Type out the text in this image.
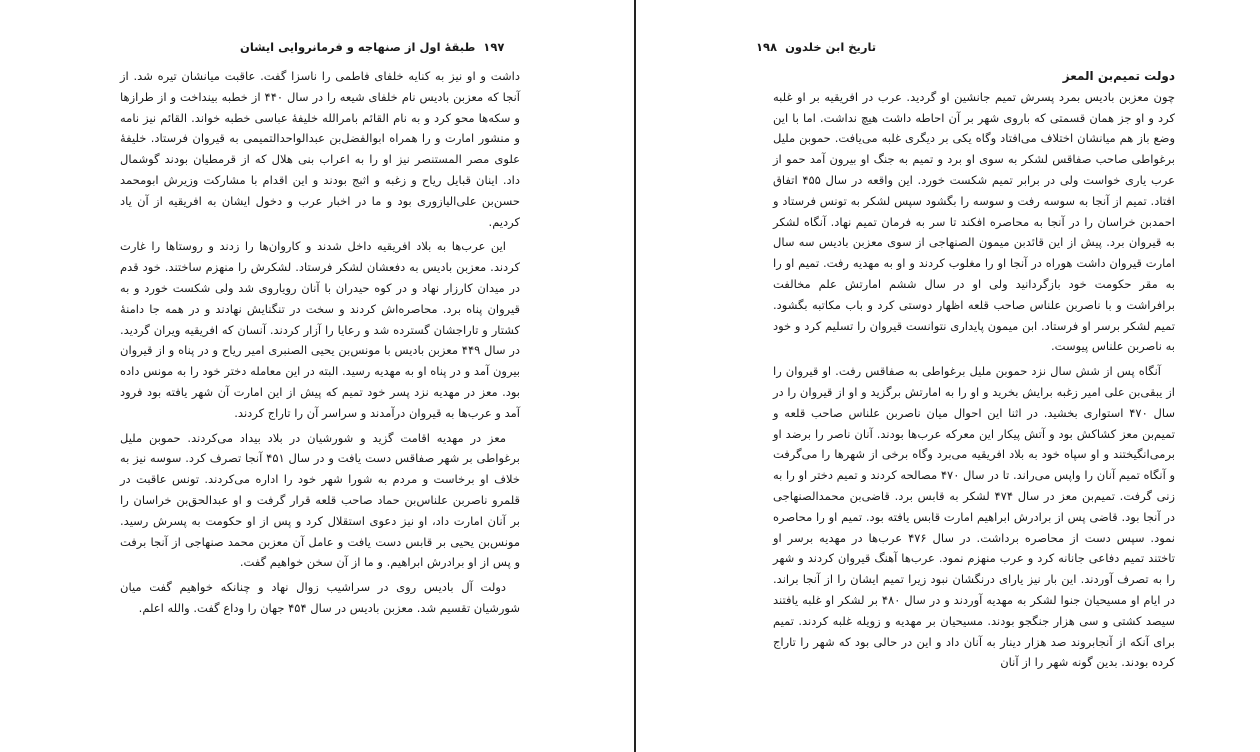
طبقهٔ اول از صنهاجه و فرمانروایی ایشان ١٩٧

داشت و او نیز به کنایه خلفای فاطمی را ناسزا گفت. عاقبت میانشان تیره شد. از آنجا که معزبن بادیس نام خلفای شیعه را در سال ۴۴۰ از خطبه بینداخت و از طرازها و سکه‌ها محو کرد و به نام القائم بامرالله خلیفهٔ عباسی خطبه خواند. القائم نیز نامه و منشور امارت و را همراه ابوالفضل‌بن عبدالواحدالتمیمی به قیروان فرستاد. خلیفهٔ علوی مصر المستنصر نیز او را به اعراب بنی هلال که از قرمطیان بودند گوشمال داد. اینان قبایل ریاح و زغبه و اثبج بودند و این اقدام با مشارکت وزیرش ابومحمد حسن‌بن علی‌الیازوری بود و ما در اخبار عرب و دخول ایشان به افریقیه از آن یاد کردیم.

این عرب‌ها به بلاد افریقیه داخل شدند و کاروان‌ها را زدند و روستاها را غارت کردند. معزبن بادیس به دفعشان لشکر فرستاد. لشکرش را منهزم ساختند. خود قدم در میدان کارزار نهاد و در کوه حیدران با آنان رویاروی شد ولی شکست خورد و به قیروان پناه برد. محاصره‌اش کردند و سخت در تنگنایش نهادند و در همه جا دامنهٔ کشتار و تاراجشان گسترده شد و رعایا را آزار کردند. آنسان که افریقیه ویران گردید. در سال ۴۴۹ معزبن بادیس با مونس‌بن یحیی الصنبری امیر ریاح و در پناه و از قیروان بیرون آمد و در پناه او به مهدیه رسید. البته در این معامله دختر خود را به مونس داده بود. معز در مهدیه نزد پسر خود تمیم که پیش از این امارت آن شهر یافته بود فرود آمد و عرب‌ها به قیروان درآمدند و سراسر آن را تاراج کردند.

معز در مهدیه اقامت گزید و شورشیان در بلاد بیداد می‌کردند. حموبن ملیل برغواطی بر شهر صفاقس دست یافت و در سال ۴۵۱ آنجا تصرف کرد. سوسه نیز به خلاف او برخاست و مردم به شورا شهر خود را اداره می‌کردند. تونس عاقبت در قلمرو ناصربن علناس‌بن حماد صاحب قلعه قرار گرفت و او عبدالحق‌بن خراسان را بر آنان امارت داد، او نیز دعوی استقلال کرد و پس از او حکومت به پسرش رسید. مونس‌بن یحیی بر قابس دست یافت و عامل آن معزبن محمد صنهاجی از آنجا برفت و پس از او برادرش ابراهیم. و ما از آن سخن خواهیم گفت.

دولت آل بادیس روی در سراشیب زوال نهاد و چنانکه خواهیم گفت میان شورشیان تقسیم شد. معزبن بادیس در سال ۴۵۴ جهان را وداع گفت. والله اعلم.

١٩٨ تاریخ ابن خلدون

دولت تمیم‌بن المعز

چون معزبن بادیس بمرد پسرش تمیم جانشین او گردید. عرب در افریقیه بر او غلبه کرد و او جز همان قسمتی که باروی شهر بر آن احاطه داشت هیچ نداشت. اما با این وضع باز هم میانشان اختلاف می‌افتاد وگاه یکی بر دیگری غلبه می‌یافت. حموبن ملیل برغواطی صاحب صفاقس لشکر به سوی او برد و تمیم به جنگ او بیرون آمد حمو از عرب یاری خواست ولی در برابر تمیم شکست خورد. این واقعه در سال ۴۵۵ اتفاق افتاد. تمیم از آنجا به سوسه رفت و سوسه را بگشود سپس لشکر به تونس فرستاد و احمدبن خراسان را در آنجا به محاصره افکند تا سر به فرمان تمیم نهاد. آنگاه لشکر به قیروان برد. پیش از این قائدبن میمون الصنهاجی از سوی معزبن بادیس سه سال امارت قیروان داشت هوراه در آنجا او را مغلوب کردند و او به مهدیه رفت. تمیم او را به مقر حکومت خود بازگردانید ولی او در سال ششم امارتش علم مخالفت برافراشت و با ناصربن علناس صاحب قلعه اظهار دوستی کرد و باب مکاتبه بگشود. تمیم لشکر برسر او فرستاد. ابن میمون پایداری نتوانست قیروان را تسلیم کرد و خود به ناصربن علناس پیوست.

آنگاه پس از شش سال نزد حموبن ملیل برغواطی به صفاقس رفت. او قیروان را از یبقی‌بن علی امیر زغبه برایش بخرید و او را به امارتش برگزید و او از قیروان را در سال ۴۷۰ استواری بخشید. در اثنا این احوال میان ناصربن علناس صاحب قلعه و تمیم‌بن معز کشاکش بود و آتش پیکار این معرکه عرب‌ها بودند. آنان ناصر را برضد او برمی‌انگیختند و او سپاه خود به بلاد افریقیه می‌برد وگاه برخی از شهرها را می‌گرفت و آنگاه تمیم آنان را واپس می‌راند. تا در سال ۴۷۰ مصالحه کردند و تمیم دختر او را به زنی گرفت. تمیم‌بن معز در سال ۴۷۴ لشکر به قابس برد. قاضی‌بن محمدالصنهاجی در آنجا بود. قاضی پس از برادرش ابراهیم امارت قابس یافته بود. تمیم او را محاصره نمود. سپس دست از محاصره برداشت. در سال ۴۷۶ عرب‌ها در مهدیه برسر او تاختند تمیم دفاعی جانانه کرد و عرب منهزم نمود. عرب‌ها آهنگ قیروان کردند و شهر را به تصرف آوردند. این بار نیز یارای درنگشان نبود زیرا تمیم ایشان را از آنجا براند. در ایام او مسیحیان جنوا لشکر به مهدیه آوردند و در سال ۴۸۰ بر لشکر او غلبه یافتند سیصد کشتی و سی هزار جنگجو بودند. مسیحیان بر مهدیه و زویله غلبه کردند. تمیم برای آنکه از آنجابروند صد هزار دینار به آنان داد و این در حالی بود که شهر را تاراج کرده بودند. بدین گونه شهر را از آنان
